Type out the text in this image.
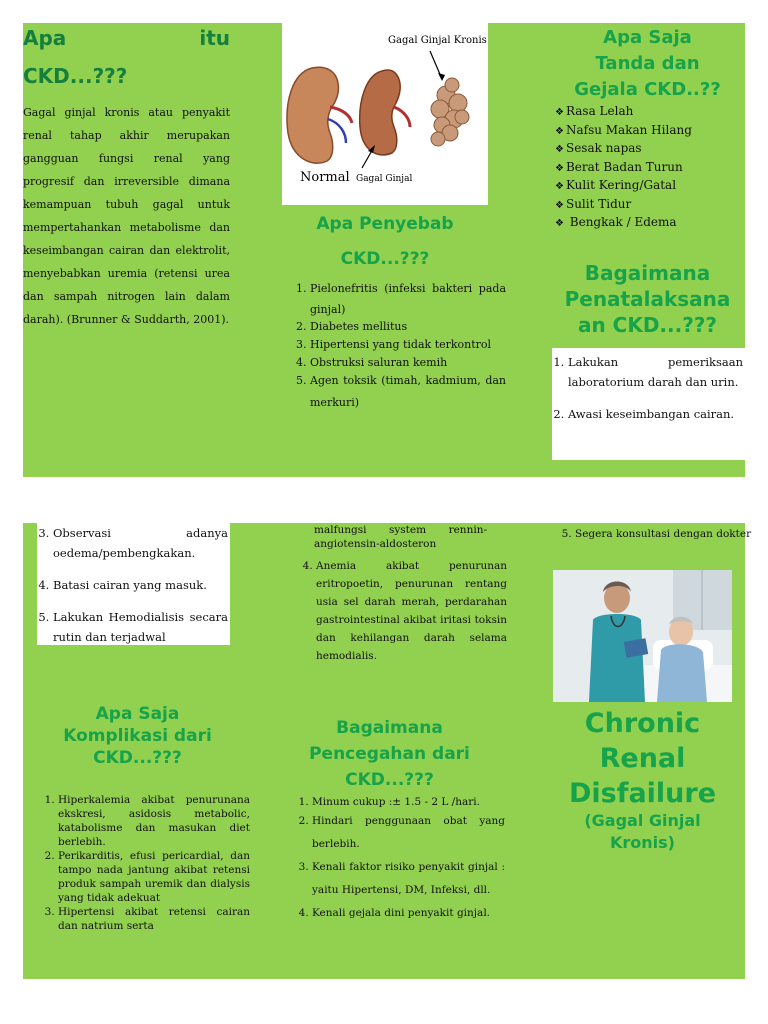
Apa	itu
CKD...???
Gagal ginjal kronis atau penyakit renal tahap akhir merupakan gangguan fungsi renal yang progresif dan irreversible dimana kemampuan tubuh gagal untuk mempertahankan metabolisme dan keseimbangan cairan dan elektrolit, menyebabkan uremia (retensi urea dan sampah nitrogen lain dalam darah). (Brunner & Suddarth, 2001).
Gagal Ginjal Kronis
Normal Gagal Ginjal
Apa Penyebab
CKD...???
1. Pielonefritis (infeksi bakteri pada ginjal)
2. Diabetes mellitus
3. Hipertensi yang tidak terkontrol
4. Obstruksi saluran kemih
5. Agen toksik (timah, kadmium, dan merkuri)
Apa Saja
Tanda dan
Gejala CKD..??
❖ Rasa Lelah
❖ Nafsu Makan Hilang
❖ Sesak napas
❖ Berat Badan Turun
❖ Kulit Kering/Gatal
❖ Sulit Tidur
❖ Bengkak / Edema
Bagaimana
Penatalaksana
an CKD...???
1. Lakukan pemeriksaan laboratorium darah dan urin.
2. Awasi keseimbangan cairan.
3. Observasi adanya oedema/pembengkakan.
4. Batasi cairan yang masuk.
5. Lakukan Hemodialisis secara rutin dan terjadwal
Apa Saja
Komplikasi dari
CKD...???
1. Hiperkalemia akibat penurunana ekskresi, asidosis metabolic, katabolisme dan masukan diet berlebih.
2. Perikarditis, efusi pericardial, dan tampo nada jantung akibat retensi produk sampah uremik dan dialysis yang tidak adekuat
3. Hipertensi akibat retensi cairan dan natrium serta
malfungsi system rennin-angiotensin-aldosteron
4. Anemia akibat penurunan eritropoetin, penurunan rentang usia sel darah merah, perdarahan gastrointestinal akibat iritasi toksin dan kehilangan darah selama hemodialis.
Bagaimana
Pencegahan dari
CKD...???
1. Minum cukup :± 1.5 - 2 L /hari.
2. Hindari penggunaan obat yang berlebih.
3. Kenali faktor risiko penyakit ginjal : yaitu Hipertensi, DM, Infeksi, dll.
4. Kenali gejala dini penyakit ginjal.
5. Segera konsultasi dengan dokter
Chronic
Renal
Disfailure
(Gagal Ginjal
Kronis)
